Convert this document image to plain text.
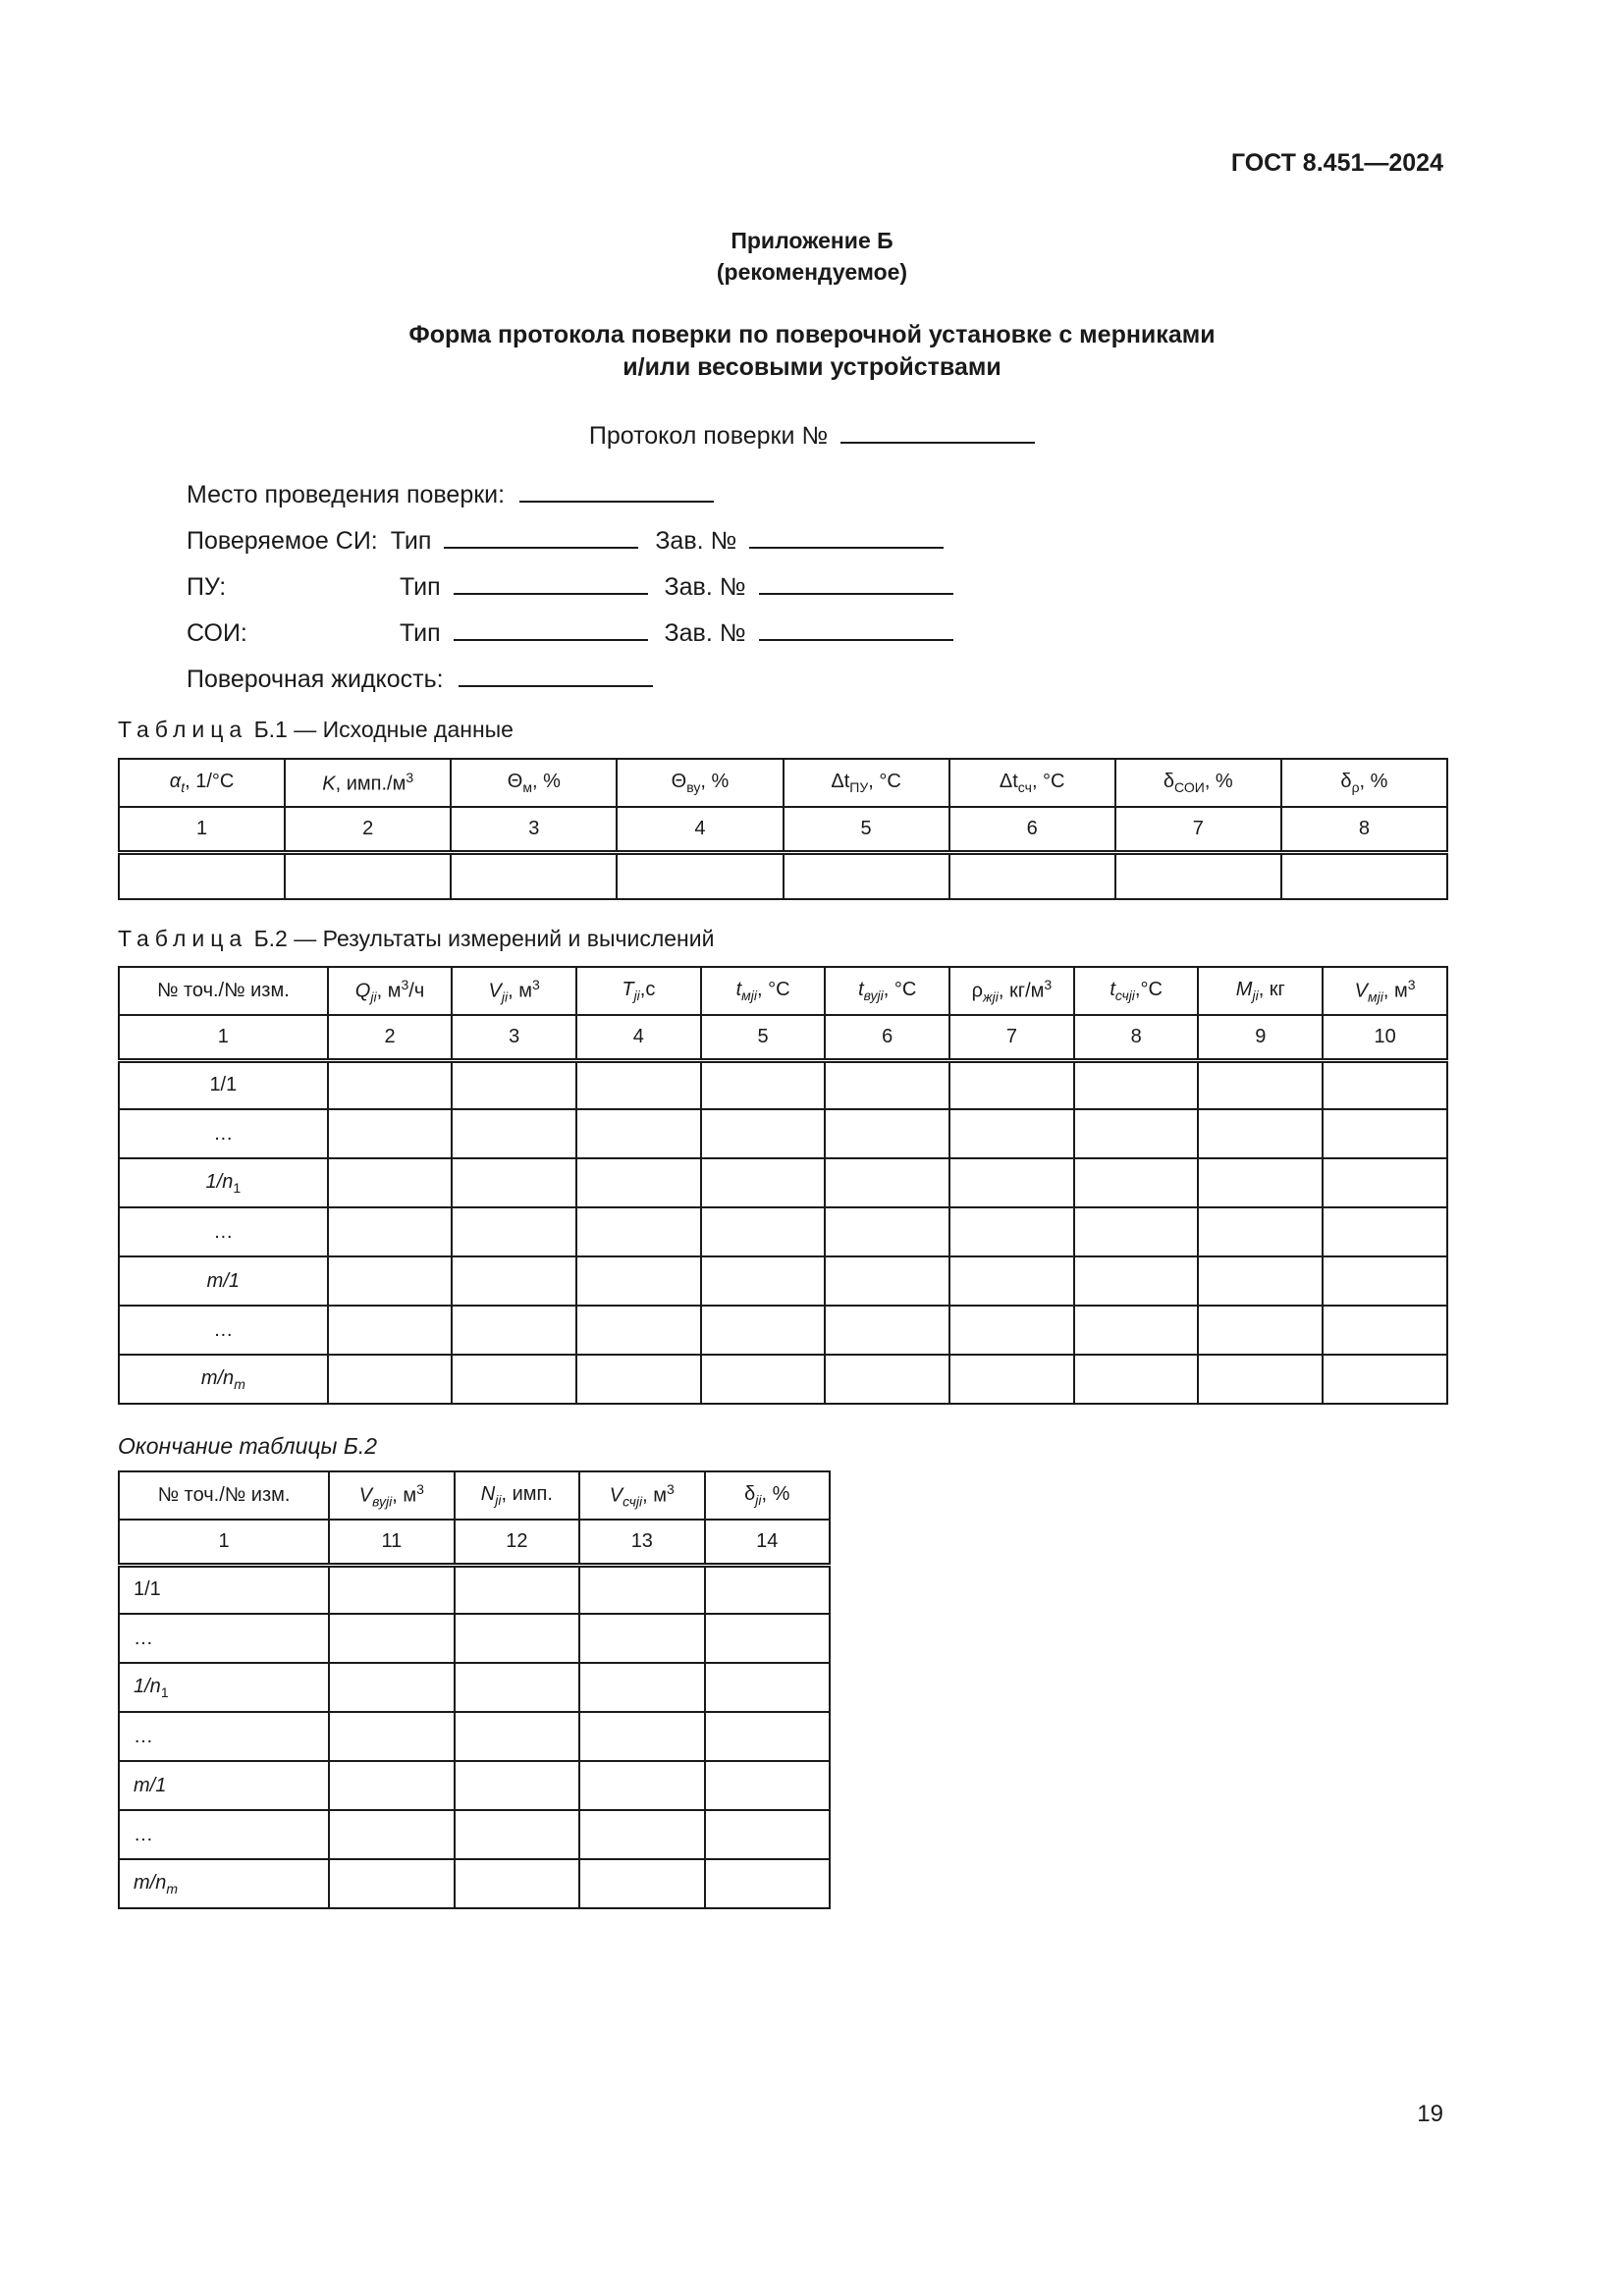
ГОСТ 8.451—2024
Приложение Б
(рекомендуемое)
Форма протокола поверки по поверочной установке с мерниками
и/или весовыми устройствами
Протокол поверки №
Место проведения поверки:
Поверяемое СИ: Тип	Зав. №
ПУ:	Тип	Зав. №
СОИ:	Тип	Зав. №
Поверочная жидкость:
Таблица Б.1 — Исходные данные
$\alpha_t$, 1/°С	K, $имп./м^3$	$\Theta_м$, %	$\Theta_{ву}$, %	$\Delta t_{ПУ}$, °С	$\Delta t_{сч}$, °С	$\delta_{СОИ}$, %	$\delta_\rho$, %
1	2	3	4	5	6	7	8

Таблица Б.2 — Результаты измерений и вычислений
№ точ./№ изм.	$Q_{ji}$, $м^3/ч$	$V_{ji}$, $м^3$	$T_{ji},с$	$t_{мji}$, °С	$t_{вуji}$, °С	$\rho_{жji}$, $кг/м^3$	$t_{счji},^\circ С$	$M_{ji}$, кг	$V_{мji}$, $м^3$
1	2	3	4	5	6	7	8	9	10
1/1									
…									
$1/n_1$									
…									
m/1									
…									
$m/n_m$									
Окончание таблицы Б.2
№ точ./№ изм.	$V_{вуji}$, $м^3$	$N_{ji}$, имп.	$V_{счji}$, $м^3$	$\delta_{ji}$, %
1	11	12	13	14
1/1				
…				
$1/n_1$				
…				
m/1				
…				
$m/n_m$				
19
